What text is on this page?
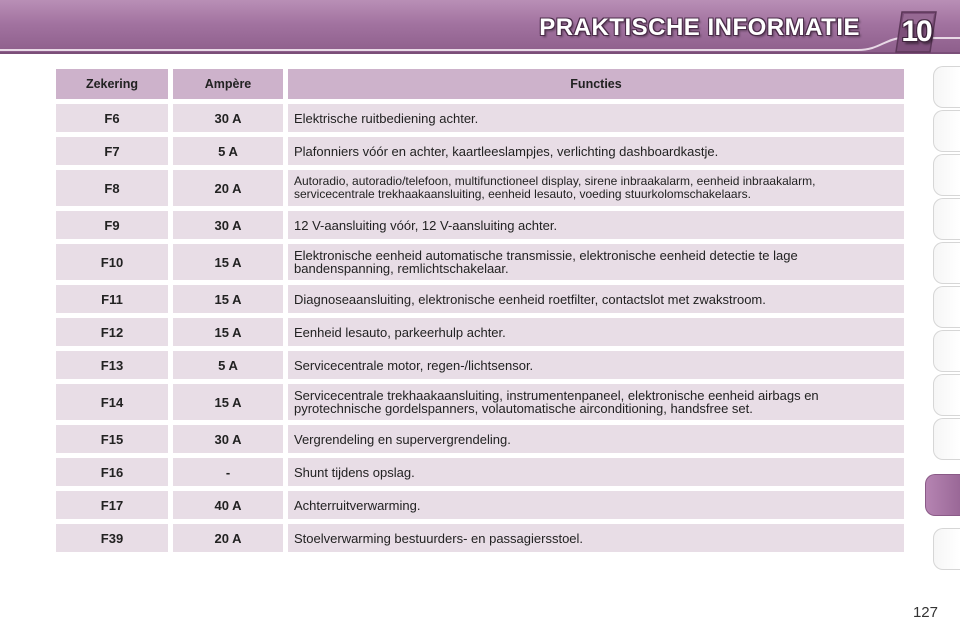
PRAKTISCHE INFORMATIE 10
Zekering	Ampère	Functies
F6	30 A	Elektrische ruitbediening achter.
F7	5 A	Plafonniers vóór en achter, kaartleeslampjes, verlichting dashboardkastje.
F8	20 A	Autoradio, autoradio/telefoon, multifunctioneel display, sirene inbraakalarm, eenheid inbraakalarm, servicecentrale trekhaakaansluiting, eenheid lesauto, voeding stuurkolomschakelaars.
F9	30 A	12 V-aansluiting vóór, 12 V-aansluiting achter.
F10	15 A	Elektronische eenheid automatische transmissie, elektronische eenheid detectie te lage bandenspanning, remlichtschakelaar.
F11	15 A	Diagnoseaansluiting, elektronische eenheid roetfilter, contactslot met zwakstroom.
F12	15 A	Eenheid lesauto, parkeerhulp achter.
F13	5 A	Servicecentrale motor, regen-/lichtsensor.
F14	15 A	Servicecentrale trekhaakaansluiting, instrumentenpaneel, elektronische eenheid airbags en pyrotechnische gordelspanners, volautomatische airconditioning, handsfree set.
F15	30 A	Vergrendeling en supervergrendeling.
F16	-	Shunt tijdens opslag.
F17	40 A	Achterruitverwarming.
F39	20 A	Stoelverwarming bestuurders- en passagiersstoel.
127
